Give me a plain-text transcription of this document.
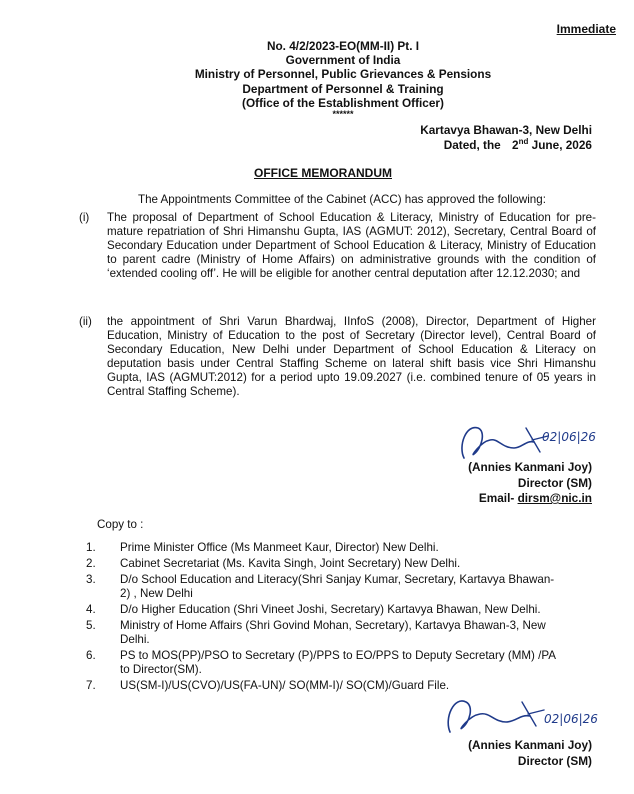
Immediate
No. 4/2/2023-EO(MM-II) Pt. I
Government of India
Ministry of Personnel, Public Grievances & Pensions
Department of Personnel & Training
(Office of the Establishment Officer)
******
Kartavya Bhawan-3, New Delhi
Dated, the 2nd June, 2026
OFFICE MEMORANDUM
The Appointments Committee of the Cabinet (ACC) has approved the following:
(i) The proposal of Department of School Education & Literacy, Ministry of Education for pre-mature repatriation of Shri Himanshu Gupta, IAS (AGMUT: 2012), Secretary, Central Board of Secondary Education under Department of School Education & Literacy, Ministry of Education to parent cadre (Ministry of Home Affairs) on administrative grounds with the condition of ‘extended cooling off’. He will be eligible for another central deputation after 12.12.2030; and
(ii) the appointment of Shri Varun Bhardwaj, IInfoS (2008), Director, Department of Higher Education, Ministry of Education to the post of Secretary (Director level), Central Board of Secondary Education, New Delhi under Department of School Education & Literacy on deputation basis under Central Staffing Scheme on lateral shift basis vice Shri Himanshu Gupta, IAS (AGMUT:2012) for a period upto 19.09.2027 (i.e. combined tenure of 05 years in Central Staffing Scheme).
02|06|26
(Annies Kanmani Joy)
Director (SM)
Email- dirsm@nic.in
Copy to :
1. Prime Minister Office (Ms Manmeet Kaur, Director) New Delhi.
2. Cabinet Secretariat (Ms. Kavita Singh, Joint Secretary) New Delhi.
3. D/o School Education and Literacy(Shri Sanjay Kumar, Secretary, Kartavya Bhawan-
2) , New Delhi
4. D/o Higher Education (Shri Vineet Joshi, Secretary) Kartavya Bhawan, New Delhi.
5. Ministry of Home Affairs (Shri Govind Mohan, Secretary), Kartavya Bhawan-3, New
Delhi.
6. PS to MOS(PP)/PSO to Secretary (P)/PPS to EO/PPS to Deputy Secretary (MM) /PA
to Director(SM).
7. US(SM-I)/US(CVO)/US(FA-UN)/ SO(MM-I)/ SO(CM)/Guard File.
02|06|26
(Annies Kanmani Joy)
Director (SM)
